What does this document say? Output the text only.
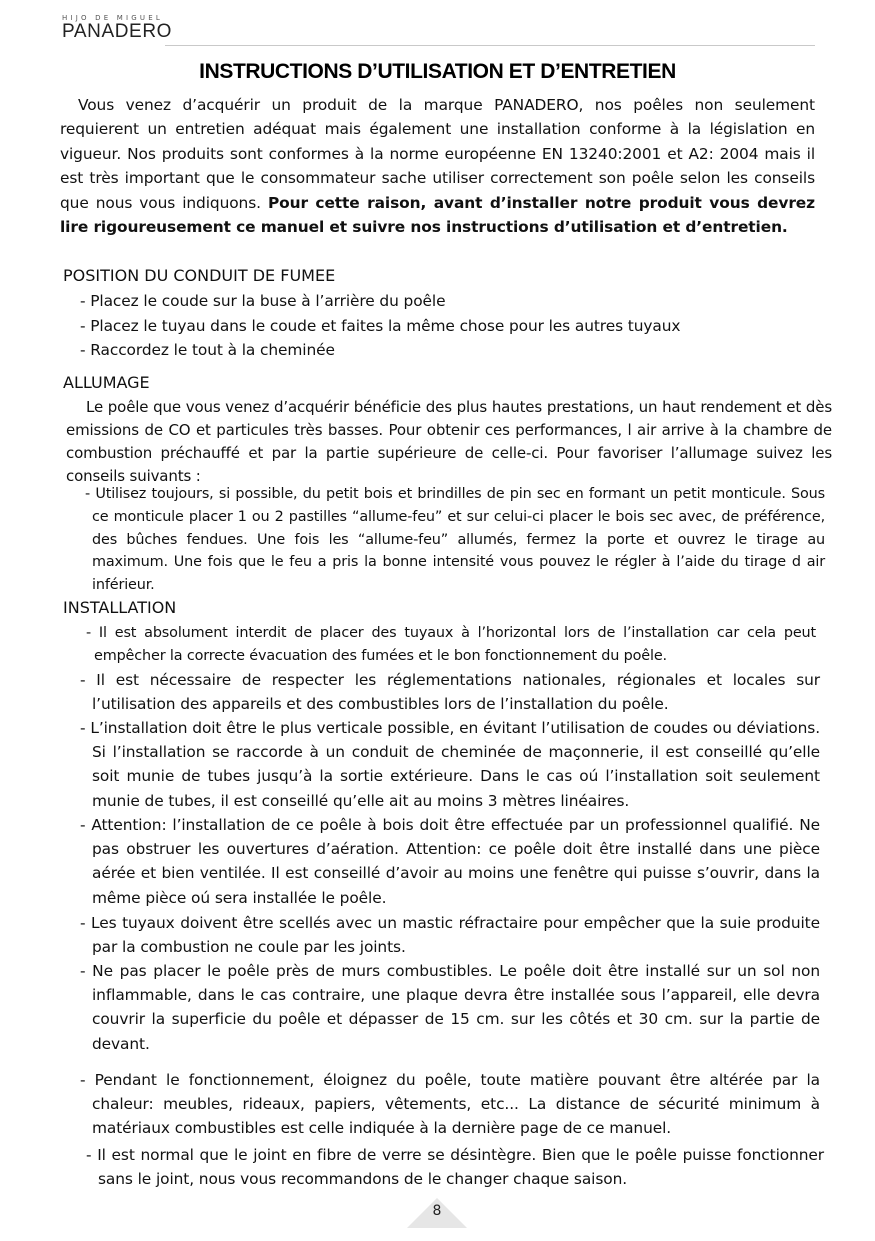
HIJO DE MIGUEL
PANADERO
INSTRUCTIONS D’UTILISATION ET D’ENTRETIEN
Vous venez d’acquérir un produit de la marque PANADERO, nos poêles non seulement requierent un entretien adéquat mais également une installation conforme à la législation en vigueur. Nos produits sont conformes à la norme européenne EN 13240:2001 et A2: 2004 mais il est très important que le consommateur sache utiliser correctement son poêle selon les conseils que nous vous indiquons. Pour cette raison, avant d’installer notre produit vous devrez lire rigoureusement ce manuel et suivre nos instructions d’utilisation et d’entretien.
POSITION DU CONDUIT DE FUMEE
- Placez le coude sur la buse à l’arrière du poêle
- Placez le tuyau dans le coude et faites la même chose pour les autres tuyaux
- Raccordez le tout à la cheminée
ALLUMAGE
Le poêle que vous venez d’acquérir bénéficie des plus hautes prestations, un haut rendement et dès emissions de CO et particules très basses. Pour obtenir ces performances, l air arrive à la chambre de combustion préchauffé et par la partie supérieure de celle-ci. Pour favoriser l’allumage suivez les conseils suivants :
- Utilisez toujours, si possible, du petit bois et brindilles de pin sec en formant un petit monticule. Sous ce monticule placer 1 ou 2 pastilles “allume-feu” et sur celui-ci placer le bois sec avec, de préférence, des bûches fendues. Une fois les “allume-feu” allumés, fermez la porte et ouvrez le tirage au maximum. Une fois que le feu a pris la bonne intensité vous pouvez le régler à l’aide du tirage d air inférieur.
INSTALLATION
- Il est absolument interdit de placer des tuyaux à l’horizontal lors de l’installation car cela peut empêcher la correcte évacuation des fumées et le bon fonctionnement du poêle.
- Il est nécessaire de respecter les réglementations nationales, régionales et locales sur l’utilisation des appareils et des combustibles lors de l’installation du poêle.
- L’installation doit être le plus verticale possible, en évitant l’utilisation de coudes ou déviations. Si l’installation se raccorde à un conduit de cheminée de maçonnerie, il est conseillé qu’elle soit munie de tubes jusqu’à la sortie extérieure. Dans le cas oú l’installation soit seulement munie de tubes, il est conseillé qu’elle ait au moins 3 mètres linéaires.
- Attention: l’installation de ce poêle à bois doit être effectuée par un professionnel qualifié. Ne pas obstruer les ouvertures d’aération. Attention: ce poêle doit être installé dans une pièce aérée et bien ventilée. Il est conseillé d’avoir au moins une fenêtre qui puisse s’ouvrir, dans la même pièce oú sera installée le poêle.
- Les tuyaux doivent être scellés avec un mastic réfractaire pour empêcher que la suie produite par la combustion ne coule par les joints.
- Ne pas placer le poêle près de murs combustibles. Le poêle doit être installé sur un sol non inflammable, dans le cas contraire, une plaque devra être installée sous l’appareil, elle devra couvrir la superficie du poêle et dépasser de 15 cm. sur les côtés et 30 cm. sur la partie de devant.
- Pendant le fonctionnement, éloignez du poêle, toute matière pouvant être altérée par la chaleur: meubles, rideaux, papiers, vêtements, etc... La distance de sécurité minimum à matériaux combustibles est celle indiquée à la dernière page de ce manuel.
- Il est normal que le joint en fibre de verre se désintègre. Bien que le poêle puisse fonctionner sans le joint, nous vous recommandons de le changer chaque saison.
8
